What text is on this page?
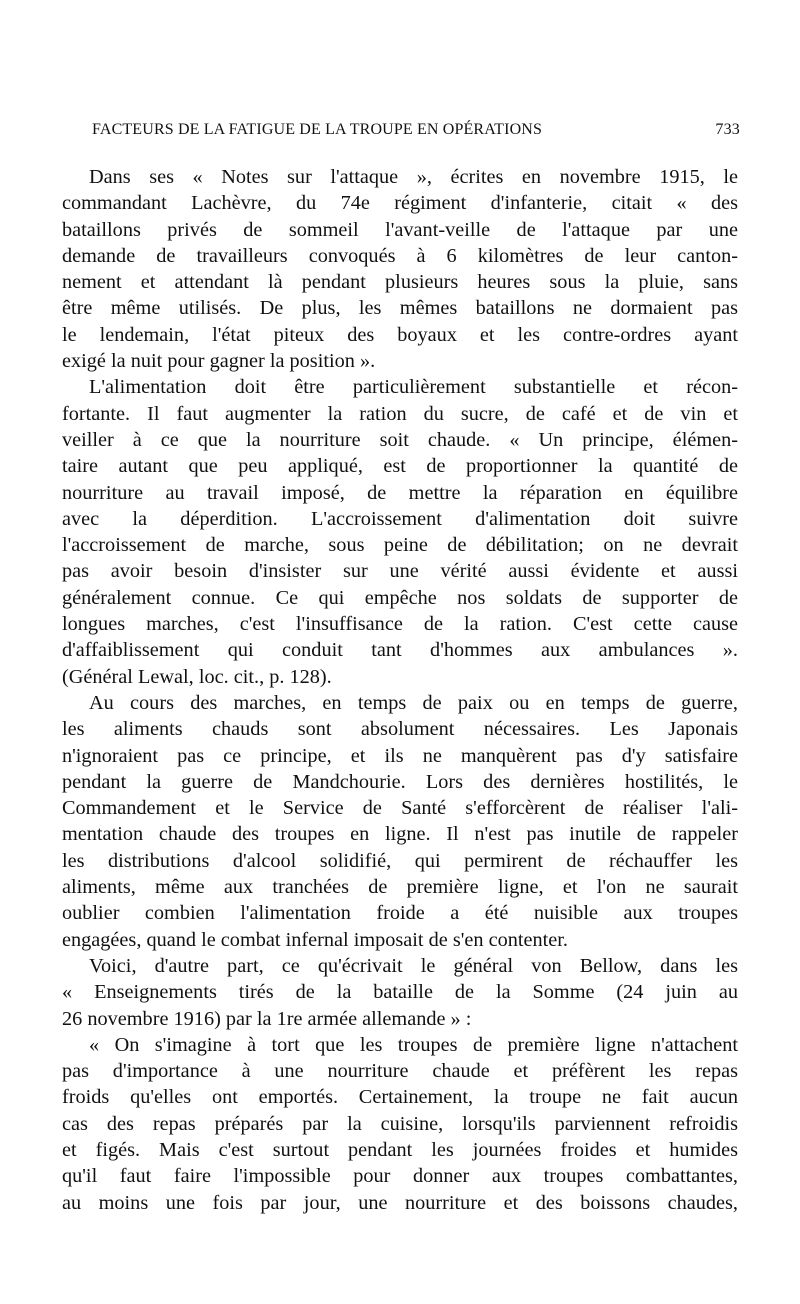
FACTEURS DE LA FATIGUE DE LA TROUPE EN OPÉRATIONS	733
Dans ses « Notes sur l'attaque », écrites en novembre 1915, le
commandant Lachèvre, du 74e régiment d'infanterie, citait « des
bataillons privés de sommeil l'avant-veille de l'attaque par une
demande de travailleurs convoqués à 6 kilomètres de leur canton-
nement et attendant là pendant plusieurs heures sous la pluie, sans
être même utilisés. De plus, les mêmes bataillons ne dormaient pas
le lendemain, l'état piteux des boyaux et les contre-ordres ayant
exigé la nuit pour gagner la position ».
L'alimentation doit être particulièrement substantielle et récon-
fortante. Il faut augmenter la ration du sucre, de café et de vin et
veiller à ce que la nourriture soit chaude. « Un principe, élémen-
taire autant que peu appliqué, est de proportionner la quantité de
nourriture au travail imposé, de mettre la réparation en équilibre
avec la déperdition. L'accroissement d'alimentation doit suivre
l'accroissement de marche, sous peine de débilitation; on ne devrait
pas avoir besoin d'insister sur une vérité aussi évidente et aussi
généralement connue. Ce qui empêche nos soldats de supporter de
longues marches, c'est l'insuffisance de la ration. C'est cette cause
d'affaiblissement qui conduit tant d'hommes aux ambulances ».
(Général Lewal, loc. cit., p. 128).
Au cours des marches, en temps de paix ou en temps de guerre,
les aliments chauds sont absolument nécessaires. Les Japonais
n'ignoraient pas ce principe, et ils ne manquèrent pas d'y satisfaire
pendant la guerre de Mandchourie. Lors des dernières hostilités, le
Commandement et le Service de Santé s'efforcèrent de réaliser l'ali-
mentation chaude des troupes en ligne. Il n'est pas inutile de rappeler
les distributions d'alcool solidifié, qui permirent de réchauffer les
aliments, même aux tranchées de première ligne, et l'on ne saurait
oublier combien l'alimentation froide a été nuisible aux troupes
engagées, quand le combat infernal imposait de s'en contenter.
Voici, d'autre part, ce qu'écrivait le général von Bellow, dans les
« Enseignements tirés de la bataille de la Somme (24 juin au
26 novembre 1916) par la 1re armée allemande » :
« On s'imagine à tort que les troupes de première ligne n'attachent
pas d'importance à une nourriture chaude et préfèrent les repas
froids qu'elles ont emportés. Certainement, la troupe ne fait aucun
cas des repas préparés par la cuisine, lorsqu'ils parviennent refroidis
et figés. Mais c'est surtout pendant les journées froides et humides
qu'il faut faire l'impossible pour donner aux troupes combattantes,
au moins une fois par jour, une nourriture et des boissons chaudes,
